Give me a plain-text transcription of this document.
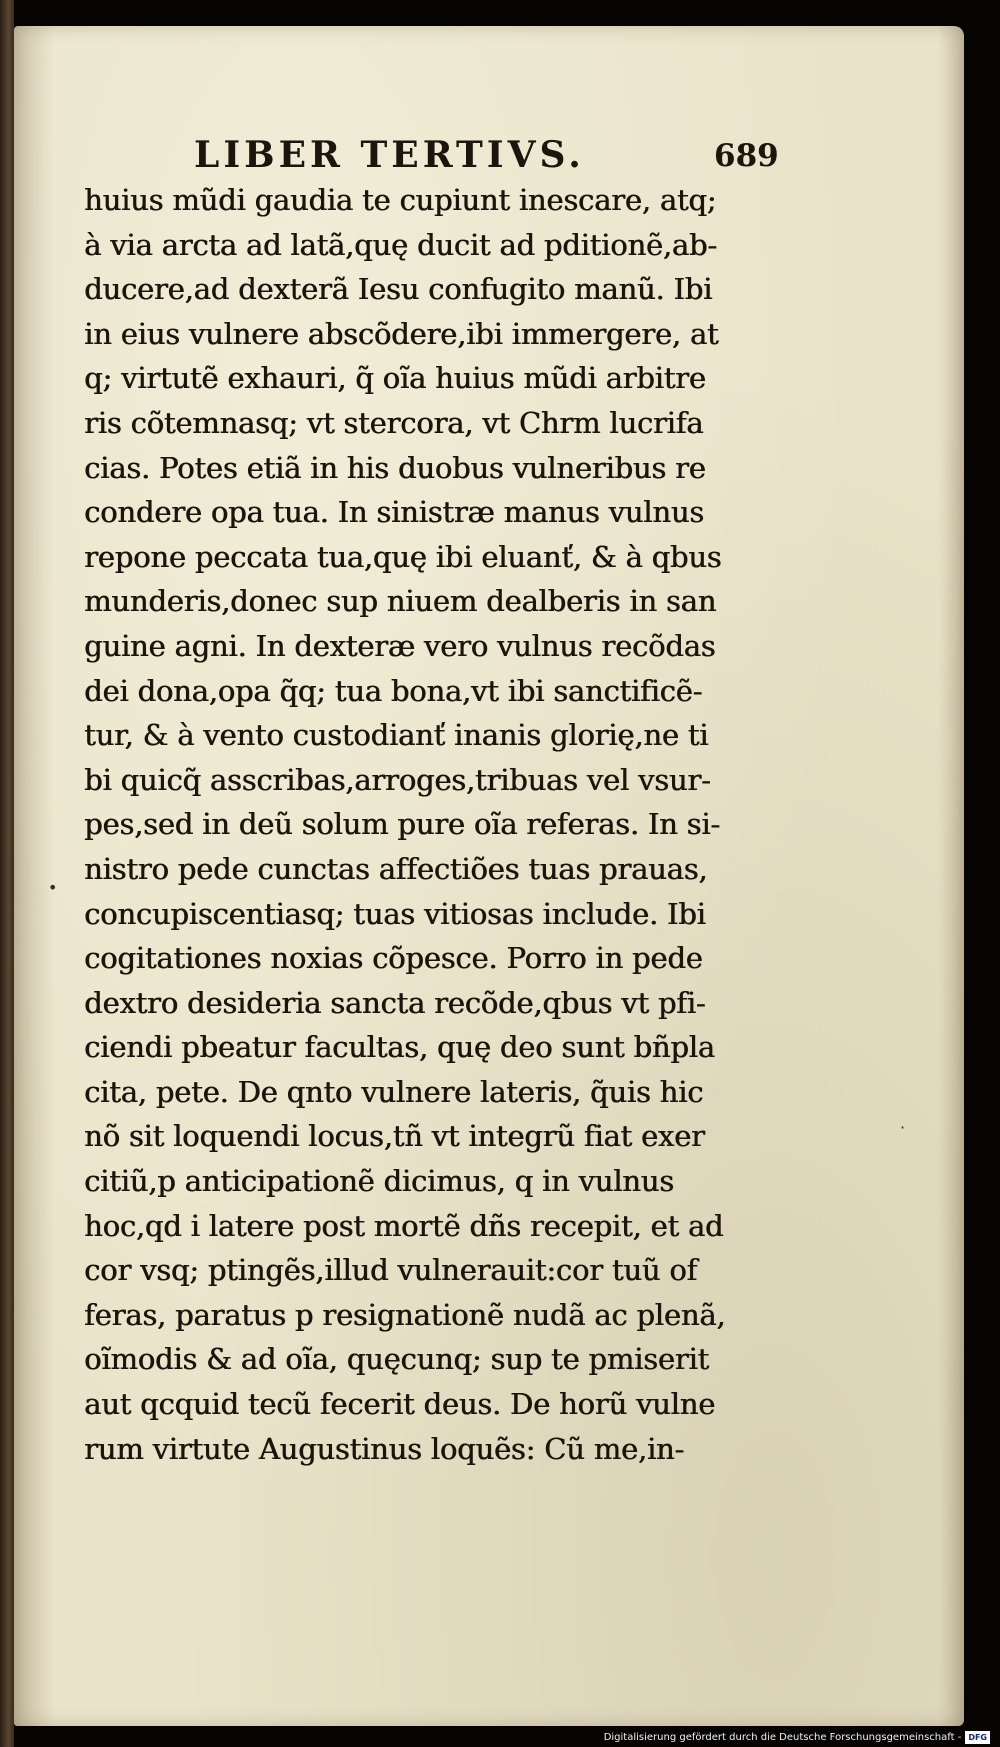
LIBER TERTIVS.	689
huius mũdi gaudia te cupiunt inescare, atq;
à via arcta ad latã,quę ducit ad pditionẽ,ab-
ducere,ad dexterã Iesu confugito manũ. Ibi
in eius vulnere abscõdere,ibi immergere, at
q; virtutẽ exhauri, q̃ oĩa huius mũdi arbitre
ris cõtemnasq; vt stercora, vt Chrm lucrifa
cias. Potes etiã in his duobus vulneribus re
condere opa tua. In sinistræ manus vulnus
repone peccata tua,quę ibi eluanť, & à qbus
munderis,donec sup niuem dealberis in san
guine agni. In dexteræ vero vulnus recõdas
dei dona,opa q̃q; tua bona,vt ibi sanctificẽ-
tur, & à vento custodianť inanis glorię,ne ti
bi quicq̃ asscribas,arroges,tribuas vel vsur-
pes,sed in deũ solum pure oĩa referas. In si-
nistro pede cunctas affectiões tuas prauas,
concupiscentiasq; tuas vitiosas include. Ibi
cogitationes noxias cõpesce. Porro in pede
dextro desideria sancta recõde,qbus vt pfi-
ciendi pbeatur facultas, quę deo sunt bñpla
cita, pete. De qnto vulnere lateris, q̃uis hic
nõ sit loquendi locus,tñ vt integrũ fiat exer
citiũ,p anticipationẽ dicimus, q in vulnus
hoc,qd i latere post mortẽ dñs recepit, et ad
cor vsq; ptingẽs,illud vulnerauit:cor tuũ of
feras, paratus p resignationẽ nudã ac plenã,
oĩmodis & ad oĩa, quęcunq; sup te pmiserit
aut qcquid tecũ fecerit deus. De horũ vulne
rum virtute Augustinus loquẽs: Cũ me,in-
•
·
Digitalisierung gefördert durch die Deutsche Forschungsgemeinschaft - DFG
